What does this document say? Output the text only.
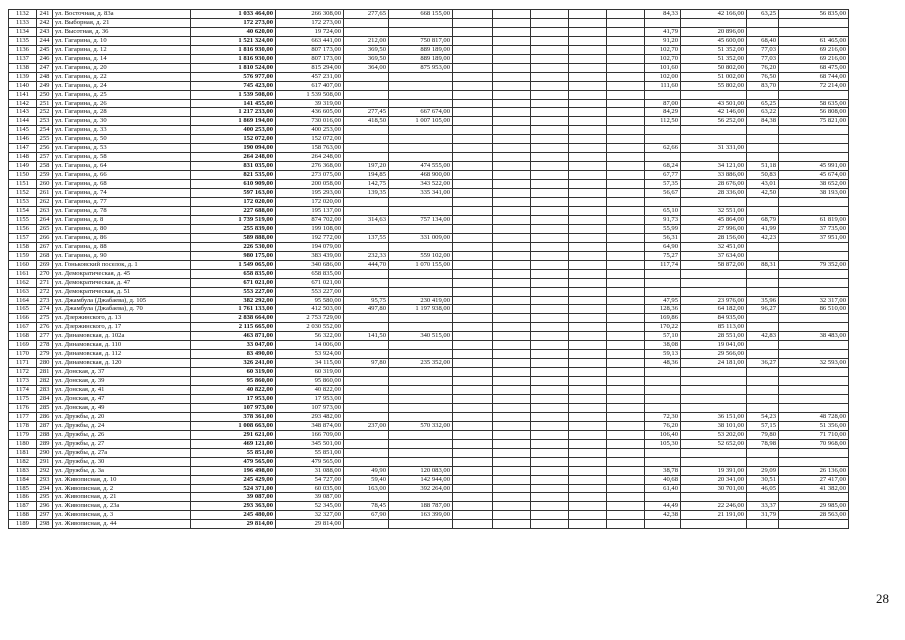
1132	241	ул. Восточная, д. 83а	1 033 464,00	266 308,00	277,65	668 155,00						84,33	42 166,00	63,25	56 835,00
1133	242	ул. Выборная, д. 21	172 273,00	172 273,00											
1134	243	ул. Высотная, д. 36	40 620,00	19 724,00								41,79	20 896,00		
1135	244	ул. Гагарина, д. 10	1 521 324,00	663 441,00	212,00	750 817,00						91,20	45 600,00	68,40	61 465,00
1136	245	ул. Гагарина, д. 12	1 816 930,00	807 173,00	369,50	889 189,00						102,70	51 352,00	77,03	69 216,00
1137	246	ул. Гагарина, д. 14	1 816 930,00	807 173,00	369,50	889 189,00						102,70	51 352,00	77,03	69 216,00
1138	247	ул. Гагарина, д. 20	1 810 524,00	815 294,00	364,00	875 953,00						101,60	50 802,00	76,20	68 475,00
1139	248	ул. Гагарина, д. 22	576 977,00	457 231,00								102,00	51 002,00	76,50	68 744,00
1140	249	ул. Гагарина, д. 24	745 423,00	617 407,00								111,60	55 802,00	83,70	72 214,00
1141	250	ул. Гагарина, д. 25	1 539 508,00	1 539 508,00											
1142	251	ул. Гагарина, д. 26	141 455,00	39 319,00								87,00	43 501,00	65,25	58 635,00
1143	252	ул. Гагарина, д. 28	1 217 233,00	436 605,00	277,45	667 674,00						84,29	42 146,00	63,22	56 808,00
1144	253	ул. Гагарина, д. 30	1 869 194,00	730 016,00	418,50	1 007 105,00						112,50	56 252,00	84,38	75 821,00
1145	254	ул. Гагарина, д. 33	400 253,00	400 253,00											
1146	255	ул. Гагарина, д. 50	152 072,00	152 072,00											
1147	256	ул. Гагарина, д. 53	190 094,00	158 763,00								62,66	31 331,00		
1148	257	ул. Гагарина, д. 58	264 248,00	264 248,00											
1149	258	ул. Гагарина, д. 64	831 035,00	276 368,00	197,20	474 555,00						68,24	34 121,00	51,18	45 991,00
1150	259	ул. Гагарина, д. 66	821 535,00	273 075,00	194,85	468 900,00						67,77	33 886,00	50,83	45 674,00
1151	260	ул. Гагарина, д. 68	610 909,00	200 058,00	142,75	343 522,00						57,35	28 676,00	43,01	38 652,00
1152	261	ул. Гагарина, д. 74	597 163,00	195 293,00	139,35	335 341,00						56,67	28 336,00	42,50	38 193,00
1153	262	ул. Гагарина, д. 77	172 020,00	172 020,00											
1154	263	ул. Гагарина, д. 78	227 688,00	195 137,00								65,10	32 551,00		
1155	264	ул. Гагарина, д. 8	1 739 519,00	874 702,00	314,63	757 134,00						91,73	45 864,00	68,79	61 819,00
1156	265	ул. Гагарина, д. 80	255 839,00	199 108,00								55,99	27 996,00	41,99	37 735,00
1157	266	ул. Гагарина, д. 86	589 888,00	192 772,00	137,55	331 009,00						56,31	28 156,00	42,23	37 951,00
1158	267	ул. Гагарина, д. 88	226 530,00	194 079,00								64,90	32 451,00		
1159	268	ул. Гагарина, д. 90	980 175,00	383 439,00	232,33	559 102,00						75,27	37 634,00		
1160	269	ул. Гоньковский поселок, д. 1	1 549 065,00	340 686,00	444,70	1 070 155,00						117,74	58 872,00	88,31	79 352,00
1161	270	ул. Демократическая, д. 45	658 835,00	658 835,00											
1162	271	ул. Демократическая, д. 47	671 021,00	671 021,00											
1163	272	ул. Демократическая, д. 51	553 227,00	553 227,00											
1164	273	ул. Джамбула (Джабаева), д. 105	382 292,00	95 580,00	95,75	230 419,00						47,95	23 976,00	35,96	32 317,00
1165	274	ул. Джамбула (Джабаева), д. 70	1 761 133,00	412 503,00	497,80	1 197 938,00						128,36	64 182,00	96,27	86 510,00
1166	275	ул. Дзержинского, д. 13	2 838 664,00	2 753 729,00								169,86	84 935,00		
1167	276	ул. Дзержинского, д. 17	2 115 665,00	2 030 552,00								170,22	85 113,00		
1168	277	ул. Динамовская, д. 102а	463 871,00	56 322,00	141,50	340 515,00						57,10	28 551,00	42,83	38 483,00
1169	278	ул. Динамовская, д. 110	33 047,00	14 006,00								38,08	19 041,00		
1170	279	ул. Динамовская, д. 112	83 490,00	53 924,00								59,13	29 566,00		
1171	280	ул. Динамовская, д. 120	326 241,00	34 115,00	97,80	235 352,00						48,36	24 181,00	36,27	32 593,00
1172	281	ул. Донская, д. 37	60 319,00	60 319,00											
1173	282	ул. Донская, д. 39	95 860,00	95 860,00											
1174	283	ул. Донская, д. 41	40 822,00	40 822,00											
1175	284	ул. Донская, д. 47	17 953,00	17 953,00											
1176	285	ул. Донская, д. 49	107 973,00	107 973,00											
1177	286	ул. Дружбы, д. 20	378 361,00	293 482,00								72,30	36 151,00	54,23	48 728,00
1178	287	ул. Дружбы, д. 24	1 008 663,00	348 874,00	237,00	570 332,00						76,20	38 101,00	57,15	51 356,00
1179	288	ул. Дружбы, д. 26	291 621,00	166 709,00								106,40	53 202,00	79,80	71 710,00
1180	289	ул. Дружбы, д. 27	469 121,00	345 501,00								105,30	52 652,00	78,98	70 968,00
1181	290	ул. Дружбы, д. 27а	55 851,00	55 851,00											
1182	291	ул. Дружбы, д. 30	479 565,00	479 565,00											
1183	292	ул. Дружбы, д. 3а	196 498,00	31 088,00	49,90	120 083,00						38,78	19 391,00	29,09	26 136,00
1184	293	ул. Живописная, д. 10	245 429,00	54 727,00	59,40	142 944,00						40,68	20 341,00	30,51	27 417,00
1185	294	ул. Живописная, д. 2	524 371,00	60 035,00	163,00	392 264,00						61,40	30 701,00	46,05	41 382,00
1186	295	ул. Живописная, д. 21	39 087,00	39 087,00											
1187	296	ул. Живописная, д. 23а	293 363,00	52 345,00	78,45	188 787,00						44,49	22 246,00	33,37	29 985,00
1188	297	ул. Живописная, д. 3	245 480,00	32 327,00	67,90	163 399,00						42,38	21 191,00	31,79	28 563,00
1189	298	ул. Живописная, д. 44	29 814,00	29 814,00											
28
